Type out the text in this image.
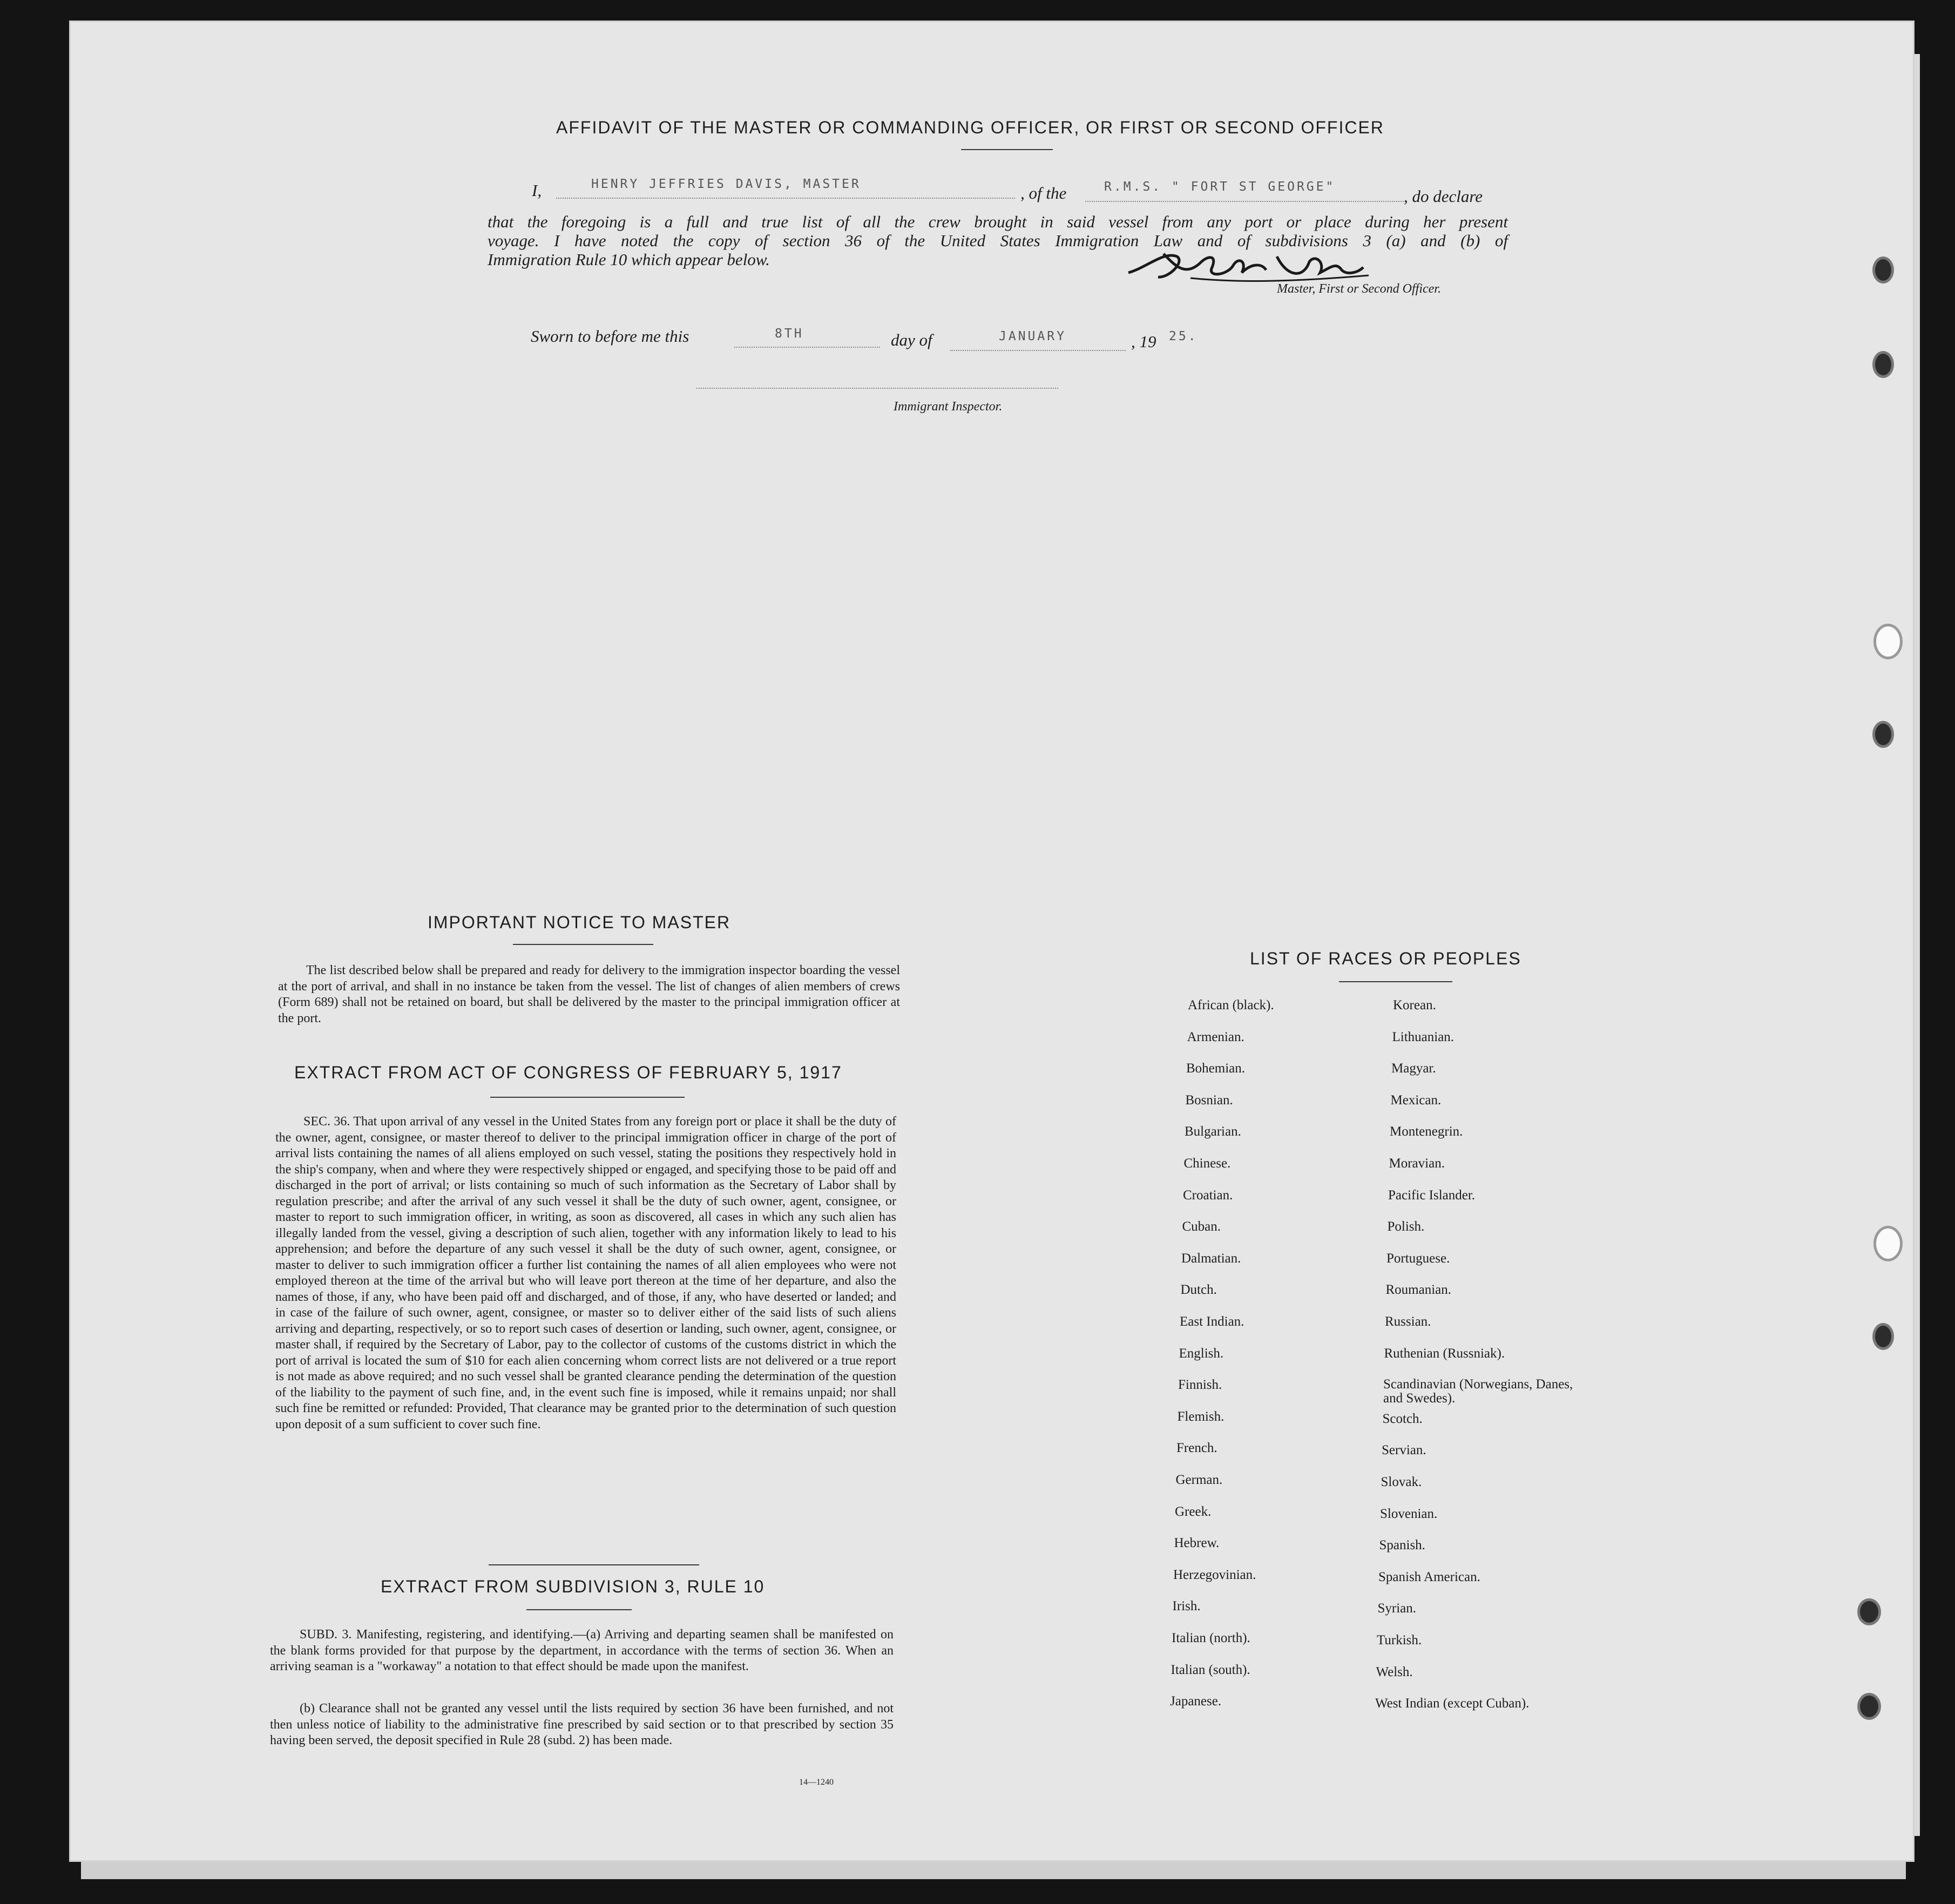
AFFIDAVIT OF THE MASTER OR COMMANDING OFFICER, OR FIRST OR SECOND OFFICER
I,	HENRY JEFFRIES DAVIS, MASTER	, of the	R.M.S. " FORT ST GEORGE"	, do declare
that the foregoing is a full and true list of all the crew brought in said vessel from any port or place during her present
voyage. I have noted the copy of section 36 of the United States Immigration Law and of subdivisions 3 (a) and (b) of
Immigration Rule 10 which appear below.
Master, First or Second Officer.
Sworn to before me this	8TH	day of	JANUARY	, 19 25.
Immigrant Inspector.
IMPORTANT NOTICE TO MASTER
The list described below shall be prepared and ready for delivery to the immigration inspector boarding the vessel at the port of arrival, and shall in no instance be taken from the vessel. The list of changes of alien members of crews (Form 689) shall not be retained on board, but shall be delivered by the master to the principal immigration officer at the port.
EXTRACT FROM ACT OF CONGRESS OF FEBRUARY 5, 1917
SEC. 36. That upon arrival of any vessel in the United States from any foreign port or place it shall be the duty of the owner, agent, consignee, or master thereof to deliver to the principal immigration officer in charge of the port of arrival lists containing the names of all aliens employed on such vessel, stating the positions they respectively hold in the ship's company, when and where they were respectively shipped or engaged, and specifying those to be paid off and discharged in the port of arrival; or lists containing so much of such information as the Secretary of Labor shall by regulation prescribe; and after the arrival of any such vessel it shall be the duty of such owner, agent, consignee, or master to report to such immigration officer, in writing, as soon as discovered, all cases in which any such alien has illegally landed from the vessel, giving a description of such alien, together with any information likely to lead to his apprehension; and before the departure of any such vessel it shall be the duty of such owner, agent, consignee, or master to deliver to such immigration officer a further list containing the names of all alien employees who were not employed thereon at the time of the arrival but who will leave port thereon at the time of her departure, and also the names of those, if any, who have been paid off and discharged, and of those, if any, who have deserted or landed; and in case of the failure of such owner, agent, consignee, or master so to deliver either of the said lists of such aliens arriving and departing, respectively, or so to report such cases of desertion or landing, such owner, agent, consignee, or master shall, if required by the Secretary of Labor, pay to the collector of customs of the customs district in which the port of arrival is located the sum of $10 for each alien concerning whom correct lists are not delivered or a true report is not made as above required; and no such vessel shall be granted clearance pending the determination of the question of the liability to the payment of such fine, and, in the event such fine is imposed, while it remains unpaid; nor shall such fine be remitted or refunded: Provided, That clearance may be granted prior to the determination of such question upon deposit of a sum sufficient to cover such fine.
EXTRACT FROM SUBDIVISION 3, RULE 10
SUBD. 3. Manifesting, registering, and identifying.—(a) Arriving and departing seamen shall be manifested on the blank forms provided for that purpose by the department, in accordance with the terms of section 36. When an arriving seaman is a "workaway" a notation to that effect should be made upon the manifest.
(b) Clearance shall not be granted any vessel until the lists required by section 36 have been furnished, and not then unless notice of liability to the administrative fine prescribed by said section or to that prescribed by section 35 having been served, the deposit specified in Rule 28 (subd. 2) has been made.
14—1240
LIST OF RACES OR PEOPLES
African (black).
Armenian.
Bohemian.
Bosnian.
Bulgarian.
Chinese.
Croatian.
Cuban.
Dalmatian.
Dutch.
East Indian.
English.
Finnish.
Flemish.
French.
German.
Greek.
Hebrew.
Herzegovinian.
Irish.
Italian (north).
Italian (south).
Japanese.
Korean.
Lithuanian.
Magyar.
Mexican.
Montenegrin.
Moravian.
Pacific Islander.
Polish.
Portuguese.
Roumanian.
Russian.
Ruthenian (Russniak).
Scandinavian (Norwegians, Danes, and Swedes).
Scotch.
Servian.
Slovak.
Slovenian.
Spanish.
Spanish American.
Syrian.
Turkish.
Welsh.
West Indian (except Cuban).
